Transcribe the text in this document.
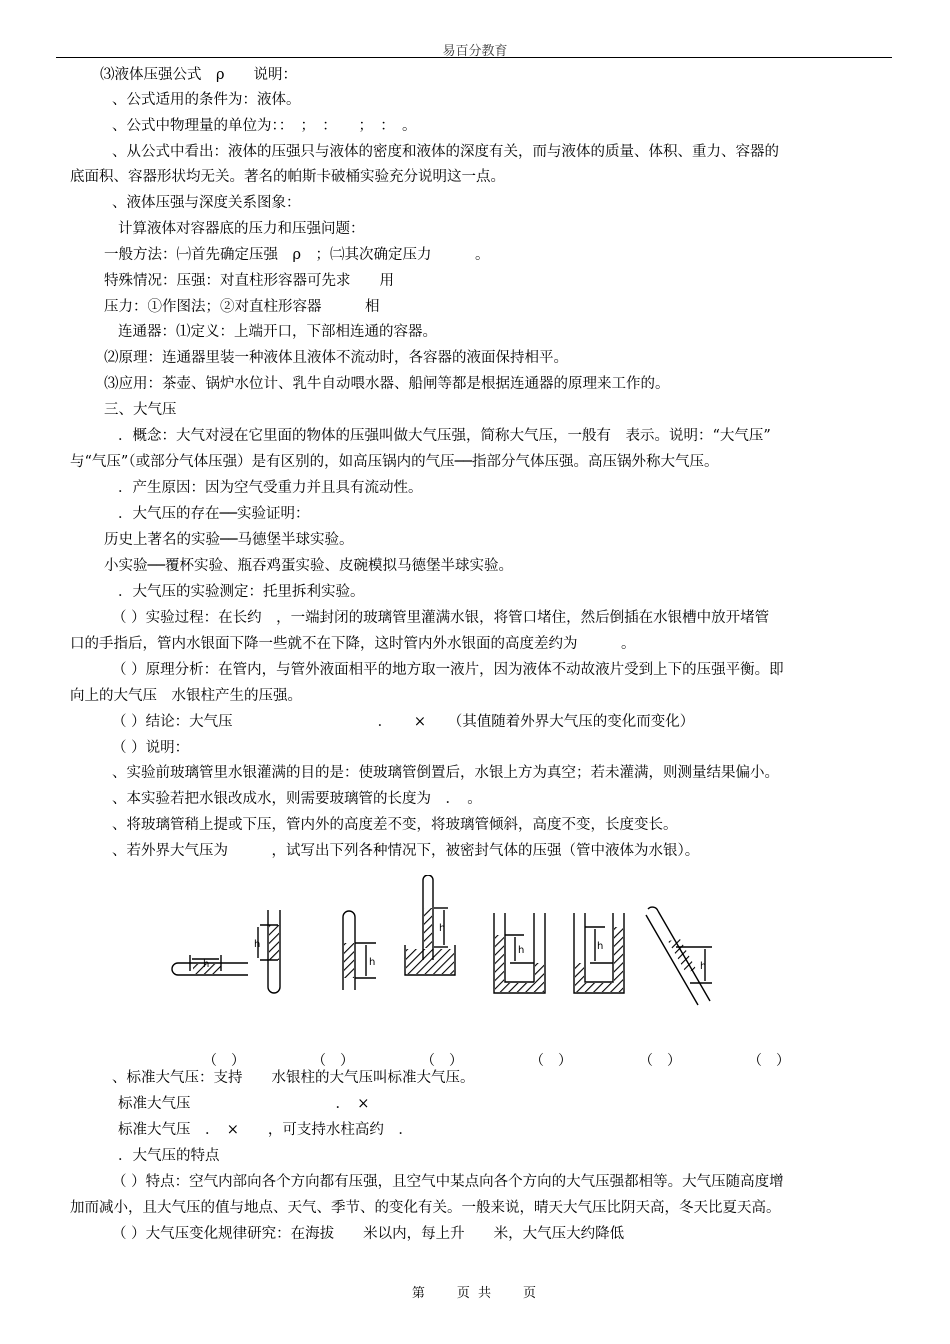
易百分教育
⑶液体压强公式　ρ　　说明：
、公式适用的条件为：液体。
、公式中物理量的单位为：：　；　：　　；　：　。
、从公式中看出：液体的压强只与液体的密度和液体的深度有关，而与液体的质量、体积、重力、容器的
底面积、容器形状均无关。著名的帕斯卡破桶实验充分说明这一点。
、液体压强与深度关系图象：
计算液体对容器底的压力和压强问题：
一般方法：㈠首先确定压强　ρ　；㈡其次确定压力　　　。
特殊情况：压强：对直柱形容器可先求　　用
压力：①作图法；②对直柱形容器　　　相
连通器：⑴定义：上端开口，下部相连通的容器。
⑵原理：连通器里装一种液体且液体不流动时，各容器的液面保持相平。
⑶应用：茶壶、锅炉水位计、乳牛自动喂水器、船闸等都是根据连通器的原理来工作的。
三、大气压
．概念：大气对浸在它里面的物体的压强叫做大气压强，简称大气压，一般有　表示。说明：“大气压”
与“气压”（或部分气体压强）是有区别的，如高压锅内的气压──指部分气体压强。高压锅外称大气压。
．产生原因：因为空气受重力并且具有流动性。
．大气压的存在──实验证明：
历史上著名的实验──马德堡半球实验。
小实验──覆杯实验、瓶吞鸡蛋实验、皮碗模拟马德堡半球实验。
．大气压的实验测定：托里拆利实验。
（ ）实验过程：在长约　，一端封闭的玻璃管里灌满水银，将管口堵住，然后倒插在水银槽中放开堵管
口的手指后，管内水银面下降一些就不在下降，这时管内外水银面的高度差约为　　　。
（ ）原理分析：在管内，与管外液面相平的地方取一液片，因为液体不动故液片受到上下的压强平衡。即
向上的大气压　水银柱产生的压强。
（ ）结论：大气压　　　　　　　　　　．　　×　　（其值随着外界大气压的变化而变化）
（ ）说明：
、实验前玻璃管里水银灌满的目的是：使玻璃管倒置后，水银上方为真空；若未灌满，则测量结果偏小。
、本实验若把水银改成水，则需要玻璃管的长度为　．　。
、将玻璃管稍上提或下压，管内外的高度差不变，将玻璃管倾斜，高度不变，长度变长。
、若外界大气压为　　　，试写出下列各种情况下，被密封气体的压强（管中液体为水银）。
、标准大气压：支持　　水银柱的大气压叫标准大气压。
标准大气压　　　　　　　　　　．　×
标准大气压　．　×　　，可支持水柱高约　．　
．大气压的特点
（ ）特点：空气内部向各个方向都有压强，且空气中某点向各个方向的大气压强都相等。大气压随高度增
加而减小，且大气压的值与地点、天气、季节、的变化有关。一般来说，晴天大气压比阴天高，冬天比夏天高。
（ ）大气压变化规律研究：在海拔　　米以内，每上升　　米，大气压大约降低
h
h
h
h
h	h
h
（　）	（　）	（　）	（　）	（　）	（　）
第　　页 共　　页
